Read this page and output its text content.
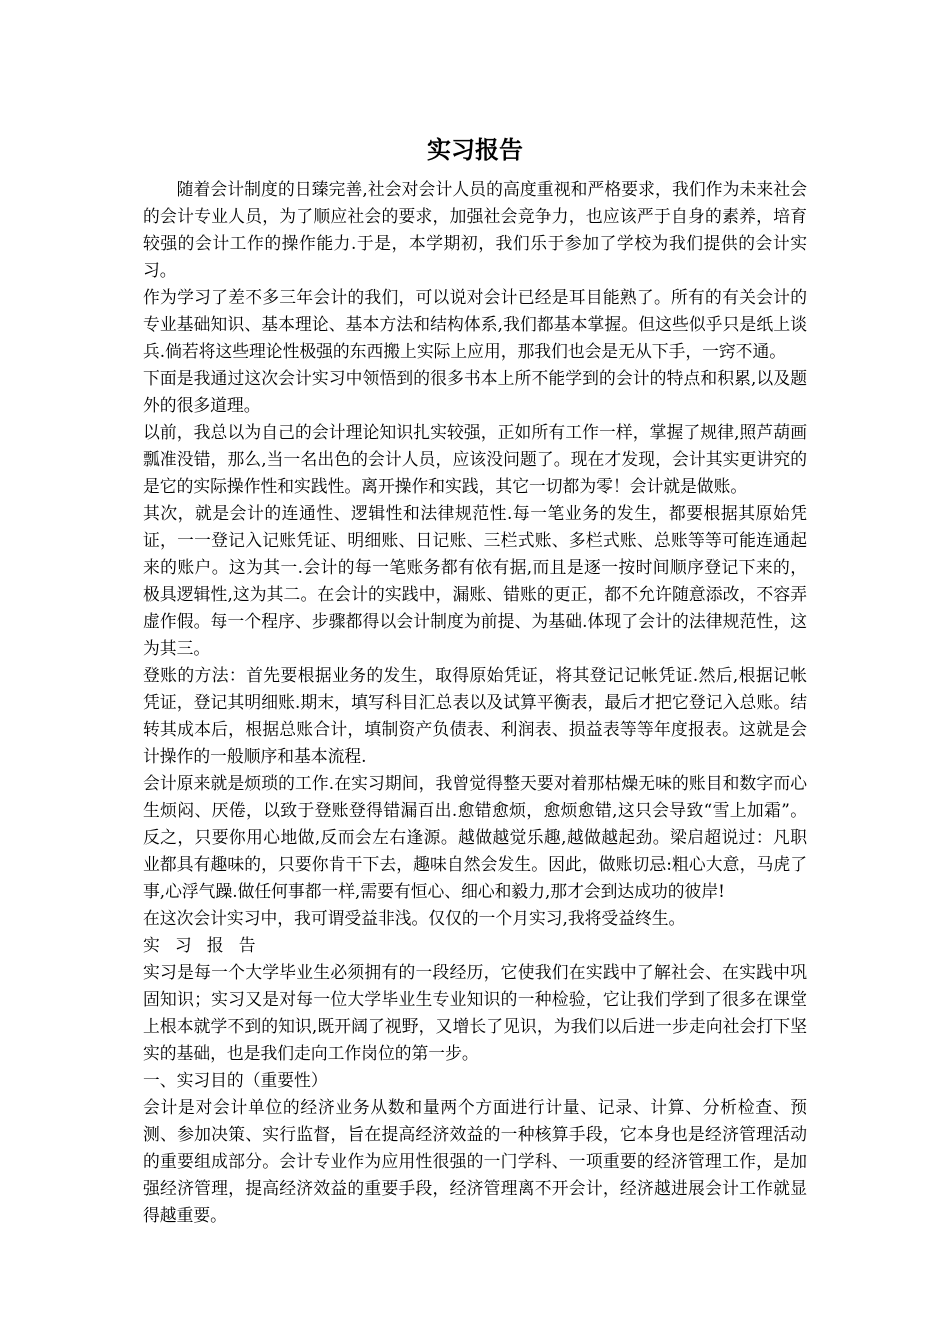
实习报告

随着会计制度的日臻完善,社会对会计人员的高度重视和严格要求，我们作为未来社会的会计专业人员，为了顺应社会的要求，加强社会竞争力，也应该严于自身的素养，培育较强的会计工作的操作能力.于是，本学期初，我们乐于参加了学校为我们提供的会计实习。

作为学习了差不多三年会计的我们，可以说对会计已经是耳目能熟了。所有的有关会计的专业基础知识、基本理论、基本方法和结构体系,我们都基本掌握。但这些似乎只是纸上谈兵.倘若将这些理论性极强的东西搬上实际上应用，那我们也会是无从下手，一窍不通。

下面是我通过这次会计实习中领悟到的很多书本上所不能学到的会计的特点和积累,以及题外的很多道理。

以前，我总以为自己的会计理论知识扎实较强，正如所有工作一样，掌握了规律,照芦葫画瓢准没错，那么,当一名出色的会计人员，应该没问题了。现在才发现，会计其实更讲究的是它的实际操作性和实践性。离开操作和实践，其它一切都为零！会计就是做账。

其次，就是会计的连通性、逻辑性和法律规范性.每一笔业务的发生，都要根据其原始凭证，一一登记入记账凭证、明细账、日记账、三栏式账、多栏式账、总账等等可能连通起来的账户。这为其一.会计的每一笔账务都有依有据,而且是逐一按时间顺序登记下来的，极具逻辑性,这为其二。在会计的实践中，漏账、错账的更正，都不允许随意添改，不容弄虚作假。每一个程序、步骤都得以会计制度为前提、为基础.体现了会计的法律规范性，这为其三。

登账的方法：首先要根据业务的发生，取得原始凭证，将其登记记帐凭证.然后,根据记帐凭证，登记其明细账.期末，填写科目汇总表以及试算平衡表，最后才把它登记入总账。结转其成本后，根据总账合计，填制资产负债表、利润表、损益表等等年度报表。这就是会计操作的一般顺序和基本流程.

会计原来就是烦琐的工作.在实习期间，我曾觉得整天要对着那枯燥无味的账目和数字而心生烦闷、厌倦，以致于登账登得错漏百出.愈错愈烦，愈烦愈错,这只会导致“雪上加霜”。反之，只要你用心地做,反而会左右逢源。越做越觉乐趣,越做越起劲。梁启超说过：凡职业都具有趣味的，只要你肯干下去，趣味自然会发生。因此，做账切忌:粗心大意，马虎了事,心浮气躁.做任何事都一样,需要有恒心、细心和毅力,那才会到达成功的彼岸!

在这次会计实习中，我可谓受益非浅。仅仅的一个月实习,我将受益终生。

实习报告

实习是每一个大学毕业生必须拥有的一段经历，它使我们在实践中了解社会、在实践中巩固知识；实习又是对每一位大学毕业生专业知识的一种检验，它让我们学到了很多在课堂上根本就学不到的知识,既开阔了视野，又增长了见识，为我们以后进一步走向社会打下坚实的基础，也是我们走向工作岗位的第一步。

一、实习目的（重要性）

会计是对会计单位的经济业务从数和量两个方面进行计量、记录、计算、分析检查、预测、参加决策、实行监督，旨在提高经济效益的一种核算手段，它本身也是经济管理活动的重要组成部分。会计专业作为应用性很强的一门学科、一项重要的经济管理工作，是加强经济管理，提高经济效益的重要手段，经济管理离不开会计，经济越进展会计工作就显得越重要。
